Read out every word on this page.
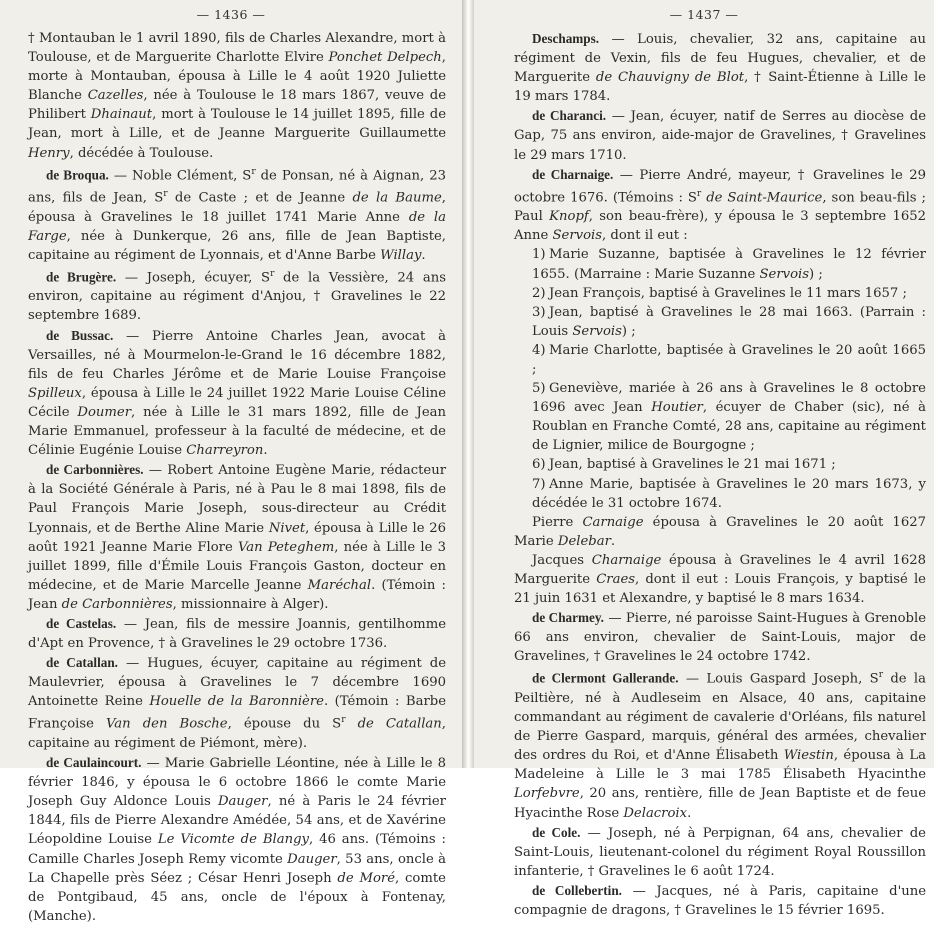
— 1436 —

† Montauban le 1 avril 1890, fils de Charles Alexandre, mort à Toulouse, et de Marguerite Charlotte Elvire Ponchet Delpech, morte à Montauban, épousa à Lille le 4 août 1920 Juliette Blanche Cazelles, née à Toulouse le 18 mars 1867, veuve de Philibert Dhainaut, mort à Toulouse le 14 juillet 1895, fille de Jean, mort à Lille, et de Jeanne Marguerite Guillaumette Henry, décédée à Toulouse.

de Broqua. — Noble Clément, $S^r$ de Ponsan, né à Aignan, 23 ans, fils de Jean, $S^r$ de Caste ; et de Jeanne de la Baume, épousa à Gravelines le 18 juillet 1741 Marie Anne de la Farge, née à Dunkerque, 26 ans, fille de Jean Baptiste, capitaine au régiment de Lyonnais, et d'Anne Barbe Willay.

de Brugère. — Joseph, écuyer, $S^r$ de la Vessière, 24 ans environ, capitaine au régiment d'Anjou, † Gravelines le 22 septembre 1689.

de Bussac. — Pierre Antoine Charles Jean, avocat à Versailles, né à Mourmelon-le-Grand le 16 décembre 1882, fils de feu Charles Jérôme et de Marie Louise Françoise Spilleux, épousa à Lille le 24 juillet 1922 Marie Louise Céline Cécile Doumer, née à Lille le 31 mars 1892, fille de Jean Marie Emmanuel, professeur à la faculté de médecine, et de Célinie Eugénie Louise Charreyron.

de Carbonnières. — Robert Antoine Eugène Marie, rédacteur à la Société Générale à Paris, né à Pau le 8 mai 1898, fils de Paul François Marie Joseph, sous-directeur au Crédit Lyonnais, et de Berthe Aline Marie Nivet, épousa à Lille le 26 août 1921 Jeanne Marie Flore Van Peteghem, née à Lille le 3 juillet 1899, fille d'Émile Louis François Gaston, docteur en médecine, et de Marie Marcelle Jeanne Maréchal. (Témoin : Jean de Carbonnières, missionnaire à Alger).

de Castelas. — Jean, fils de messire Joannis, gentilhomme d'Apt en Provence, † à Gravelines le 29 octobre 1736.

de Catallan. — Hugues, écuyer, capitaine au régiment de Maulevrier, épousa à Gravelines le 7 décembre 1690 Antoinette Reine Houelle de la Baronnière. (Témoin : Barbe Françoise Van den Bosche, épouse du $S^r$ de Catallan, capitaine au régiment de Piémont, mère).

de Caulaincourt. — Marie Gabrielle Léontine, née à Lille le 8 février 1846, y épousa le 6 octobre 1866 le comte Marie Joseph Guy Aldonce Louis Dauger, né à Paris le 24 février 1844, fils de Pierre Alexandre Amédée, 54 ans, et de Xavérine Léopoldine Louise Le Vicomte de Blangy, 46 ans. (Témoins : Camille Charles Joseph Remy vicomte Dauger, 53 ans, oncle à La Chapelle près Séez ; César Henri Joseph de Moré, comte de Pontgibaud, 45 ans, oncle de l'époux à Fontenay, (Manche).

— 1437 —

Deschamps. — Louis, chevalier, 32 ans, capitaine au régiment de Vexin, fils de feu Hugues, chevalier, et de Marguerite de Chauvigny de Blot, † Saint-Étienne à Lille le 19 mars 1784.

de Charanci. — Jean, écuyer, natif de Serres au diocèse de Gap, 75 ans environ, aide-major de Gravelines, † Gravelines le 29 mars 1710.

de Charnaige. — Pierre André, mayeur, † Gravelines le 29 octobre 1676. (Témoins : $S^r$ de Saint-Maurice, son beau-fils ; Paul Knopf, son beau-frère), y épousa le 3 septembre 1652 Anne Servois, dont il eut :

1) Marie Suzanne, baptisée à Gravelines le 12 février 1655. (Marraine : Marie Suzanne Servois) ;

2) Jean François, baptisé à Gravelines le 11 mars 1657 ;

3) Jean, baptisé à Gravelines le 28 mai 1663. (Parrain : Louis Servois) ;

4) Marie Charlotte, baptisée à Gravelines le 20 août 1665 ;

5) Geneviève, mariée à 26 ans à Gravelines le 8 octobre 1696 avec Jean Houtier, écuyer de Chaber (sic), né à Roublan en Franche Comté, 28 ans, capitaine au régiment de Lignier, milice de Bourgogne ;

6) Jean, baptisé à Gravelines le 21 mai 1671 ;

7) Anne Marie, baptisée à Gravelines le 20 mars 1673, y décédée le 31 octobre 1674.

Pierre Carnaige épousa à Gravelines le 20 août 1627 Marie Delebar.

Jacques Charnaige épousa à Gravelines le 4 avril 1628 Marguerite Craes, dont il eut : Louis François, y baptisé le 21 juin 1631 et Alexandre, y baptisé le 8 mars 1634.

de Charmey. — Pierre, né paroisse Saint-Hugues à Grenoble 66 ans environ, chevalier de Saint-Louis, major de Gravelines, † Gravelines le 24 octobre 1742.

de Clermont Gallerande. — Louis Gaspard Joseph, $S^r$ de la Peiltière, né à Audleseim en Alsace, 40 ans, capitaine commandant au régiment de cavalerie d'Orléans, fils naturel de Pierre Gaspard, marquis, général des armées, chevalier des ordres du Roi, et d'Anne Élisabeth Wiestin, épousa à La Madeleine à Lille le 3 mai 1785 Élisabeth Hyacinthe Lorfebvre, 20 ans, rentière, fille de Jean Baptiste et de feue Hyacinthe Rose Delacroix.

de Cole. — Joseph, né à Perpignan, 64 ans, chevalier de Saint-Louis, lieutenant-colonel du régiment Royal Roussillon infanterie, † Gravelines le 6 août 1724.

de Collebertin. — Jacques, né à Paris, capitaine d'une compagnie de dragons, † Gravelines le 15 février 1695.
